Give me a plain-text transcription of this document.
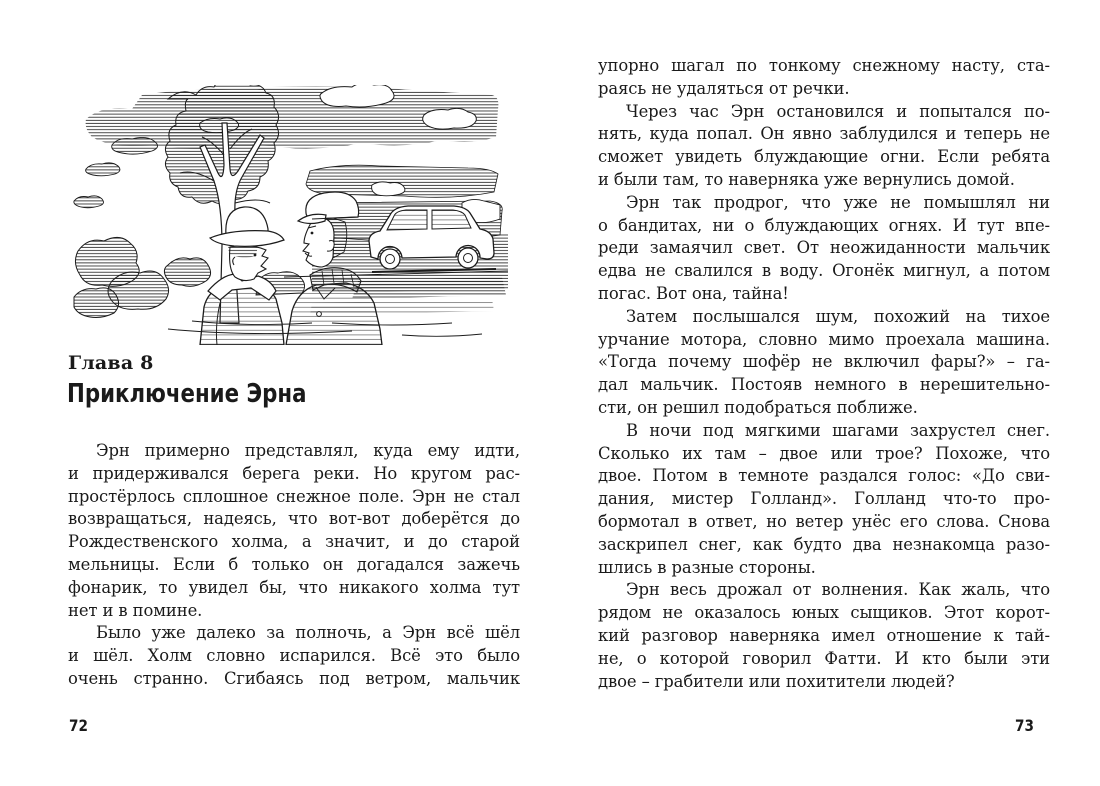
Глава 8
Приключение Эрна
Эрн примерно представлял, куда ему идти,
и придерживался берега реки. Но кругом рас-
простёрлось сплошное снежное поле. Эрн не стал
возвращаться, надеясь, что вот-вот доберётся до
Рождественского холма, а значит, и до старой
мельницы. Если б только он догадался зажечь
фонарик, то увидел бы, что никакого холма тут
нет и в помине.
Было уже далеко за полночь, а Эрн всё шёл
и шёл. Холм словно испарился. Всё это было
очень странно. Сгибаясь под ветром, мальчик
упорно шагал по тонкому снежному насту, ста-
раясь не удаляться от речки.
Через час Эрн остановился и попытался по-
нять, куда попал. Он явно заблудился и теперь не
сможет увидеть блуждающие огни. Если ребята
и были там, то наверняка уже вернулись домой.
Эрн так продрог, что уже не помышлял ни
о бандитах, ни о блуждающих огнях. И тут впе-
реди замаячил свет. От неожиданности мальчик
едва не свалился в воду. Огонёк мигнул, а потом
погас. Вот она, тайна!
Затем послышался шум, похожий на тихое
урчание мотора, словно мимо проехала машина.
«Тогда почему шофёр не включил фары?» – га-
дал мальчик. Постояв немного в нерешительно-
сти, он решил подобраться поближе.
В ночи под мягкими шагами захрустел снег.
Сколько их там – двое или трое? Похоже, что
двое. Потом в темноте раздался голос: «До сви-
дания, мистер Голланд». Голланд что-то про-
бормотал в ответ, но ветер унёс его слова. Снова
заскрипел снег, как будто два незнакомца разо-
шлись в разные стороны.
Эрн весь дрожал от волнения. Как жаль, что
рядом не оказалось юных сыщиков. Этот корот-
кий разговор наверняка имел отношение к тай-
не, о которой говорил Фатти. И кто были эти
двое – грабители или похитители людей?
72	73
